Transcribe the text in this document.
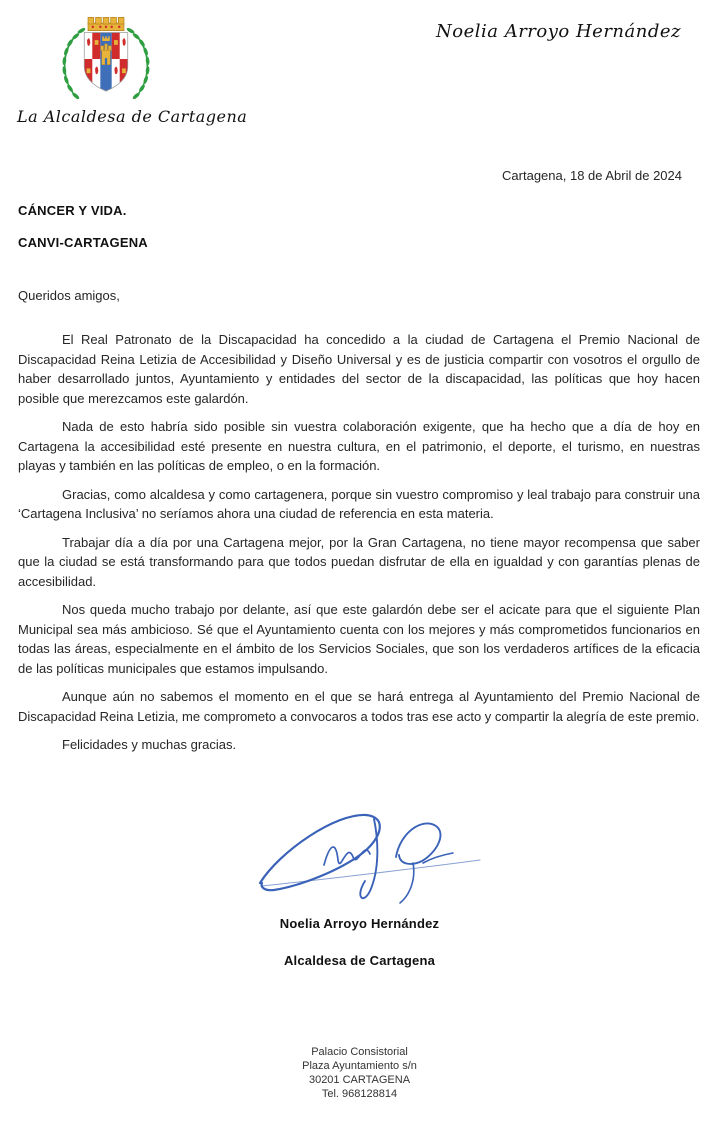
La Alcaldesa de Cartagena
Noelia Arroyo Hernández
Cartagena, 18 de Abril de 2024
CÁNCER Y VIDA.
CANVI-CARTAGENA
Queridos amigos,

El Real Patronato de la Discapacidad ha concedido a la ciudad de Cartagena el Premio Nacional de Discapacidad Reina Letizia de Accesibilidad y Diseño Universal y es de justicia compartir con vosotros el orgullo de haber desarrollado juntos, Ayuntamiento y entidades del sector de la discapacidad, las políticas que hoy hacen posible que merezcamos este galardón.

Nada de esto habría sido posible sin vuestra colaboración exigente, que ha hecho que a día de hoy en Cartagena la accesibilidad esté presente en nuestra cultura, en el patrimonio, el deporte, el turismo, en nuestras playas y también en las políticas de empleo, o en la formación.

Gracias, como alcaldesa y como cartagenera, porque sin vuestro compromiso y leal trabajo para construir una ‘Cartagena Inclusiva’ no seríamos ahora una ciudad de referencia en esta materia.

Trabajar día a día por una Cartagena mejor, por la Gran Cartagena, no tiene mayor recompensa que saber que la ciudad se está transformando para que todos puedan disfrutar de ella en igualdad y con garantías plenas de accesibilidad.

Nos queda mucho trabajo por delante, así que este galardón debe ser el acicate para que el siguiente Plan Municipal sea más ambicioso. Sé que el Ayuntamiento cuenta con los mejores y más comprometidos funcionarios en todas las áreas, especialmente en el ámbito de los Servicios Sociales, que son los verdaderos artífices de la eficacia de las políticas municipales que estamos impulsando.

Aunque aún no sabemos el momento en el que se hará entrega al Ayuntamiento del Premio Nacional de Discapacidad Reina Letizia, me comprometo a convocaros a todos tras ese acto y compartir la alegría de este premio.

Felicidades y muchas gracias.

Noelia Arroyo Hernández
Alcaldesa de Cartagena
Palacio Consistorial
Plaza Ayuntamiento s/n
30201 CARTAGENA
Tel. 968128814
